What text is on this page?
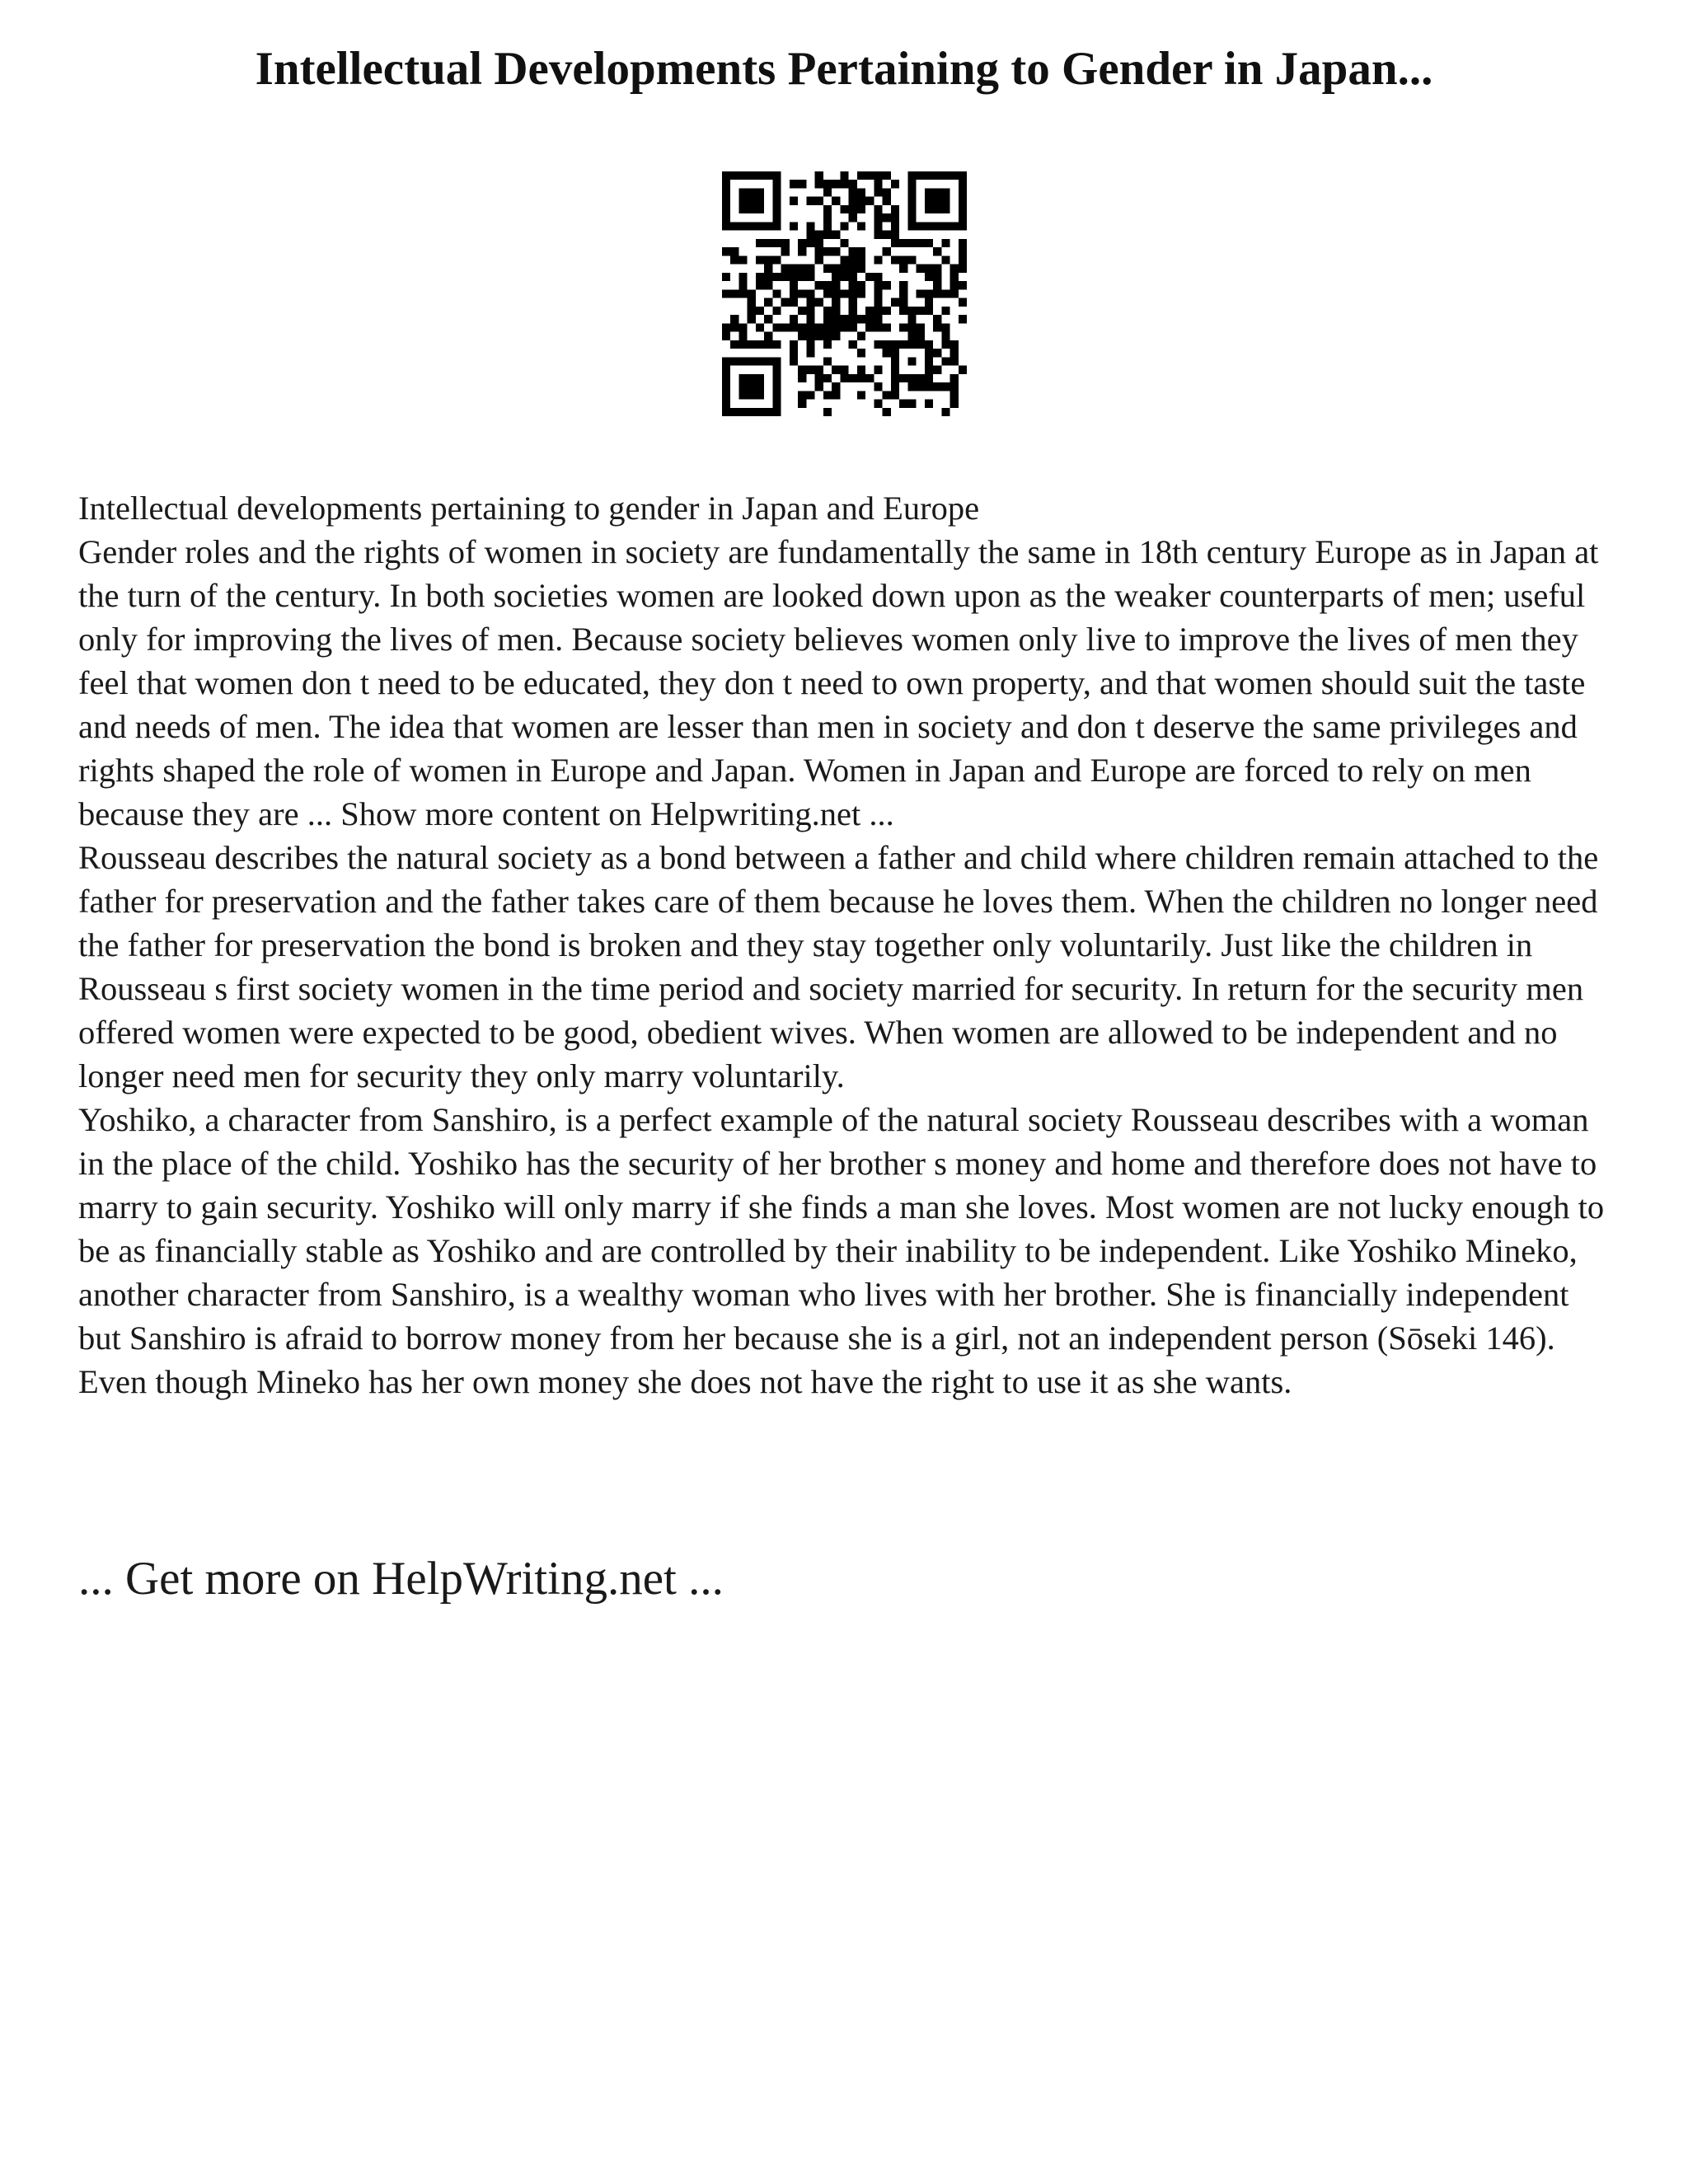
Intellectual Developments Pertaining to Gender in Japan...

Intellectual developments pertaining to gender in Japan and Europe

Gender roles and the rights of women in society are fundamentally the same in 18th century Europe as in Japan at the turn of the century. In both societies women are looked down upon as the weaker counterparts of men; useful only for improving the lives of men. Because society believes women only live to improve the lives of men they feel that women don t need to be educated, they don t need to own property, and that women should suit the taste and needs of men. The idea that women are lesser than men in society and don t deserve the same privileges and rights shaped the role of women in Europe and Japan. Women in Japan and Europe are forced to rely on men because they are ... Show more content on Helpwriting.net ...

Rousseau describes the natural society as a bond between a father and child where children remain attached to the father for preservation and the father takes care of them because he loves them. When the children no longer need the father for preservation the bond is broken and they stay together only voluntarily. Just like the children in Rousseau s first society women in the time period and society married for security. In return for the security men offered women were expected to be good, obedient wives. When women are allowed to be independent and no longer need men for security they only marry voluntarily.

Yoshiko, a character from Sanshiro, is a perfect example of the natural society Rousseau describes with a woman in the place of the child. Yoshiko has the security of her brother s money and home and therefore does not have to marry to gain security. Yoshiko will only marry if she finds a man she loves. Most women are not lucky enough to be as financially stable as Yoshiko and are controlled by their inability to be independent. Like Yoshiko Mineko, another character from Sanshiro, is a wealthy woman who lives with her brother. She is financially independent but Sanshiro is afraid to borrow money from her because she is a girl, not an independent person (Sōseki 146). Even though Mineko has her own money she does not have the right to use it as she wants.

... Get more on HelpWriting.net ...
